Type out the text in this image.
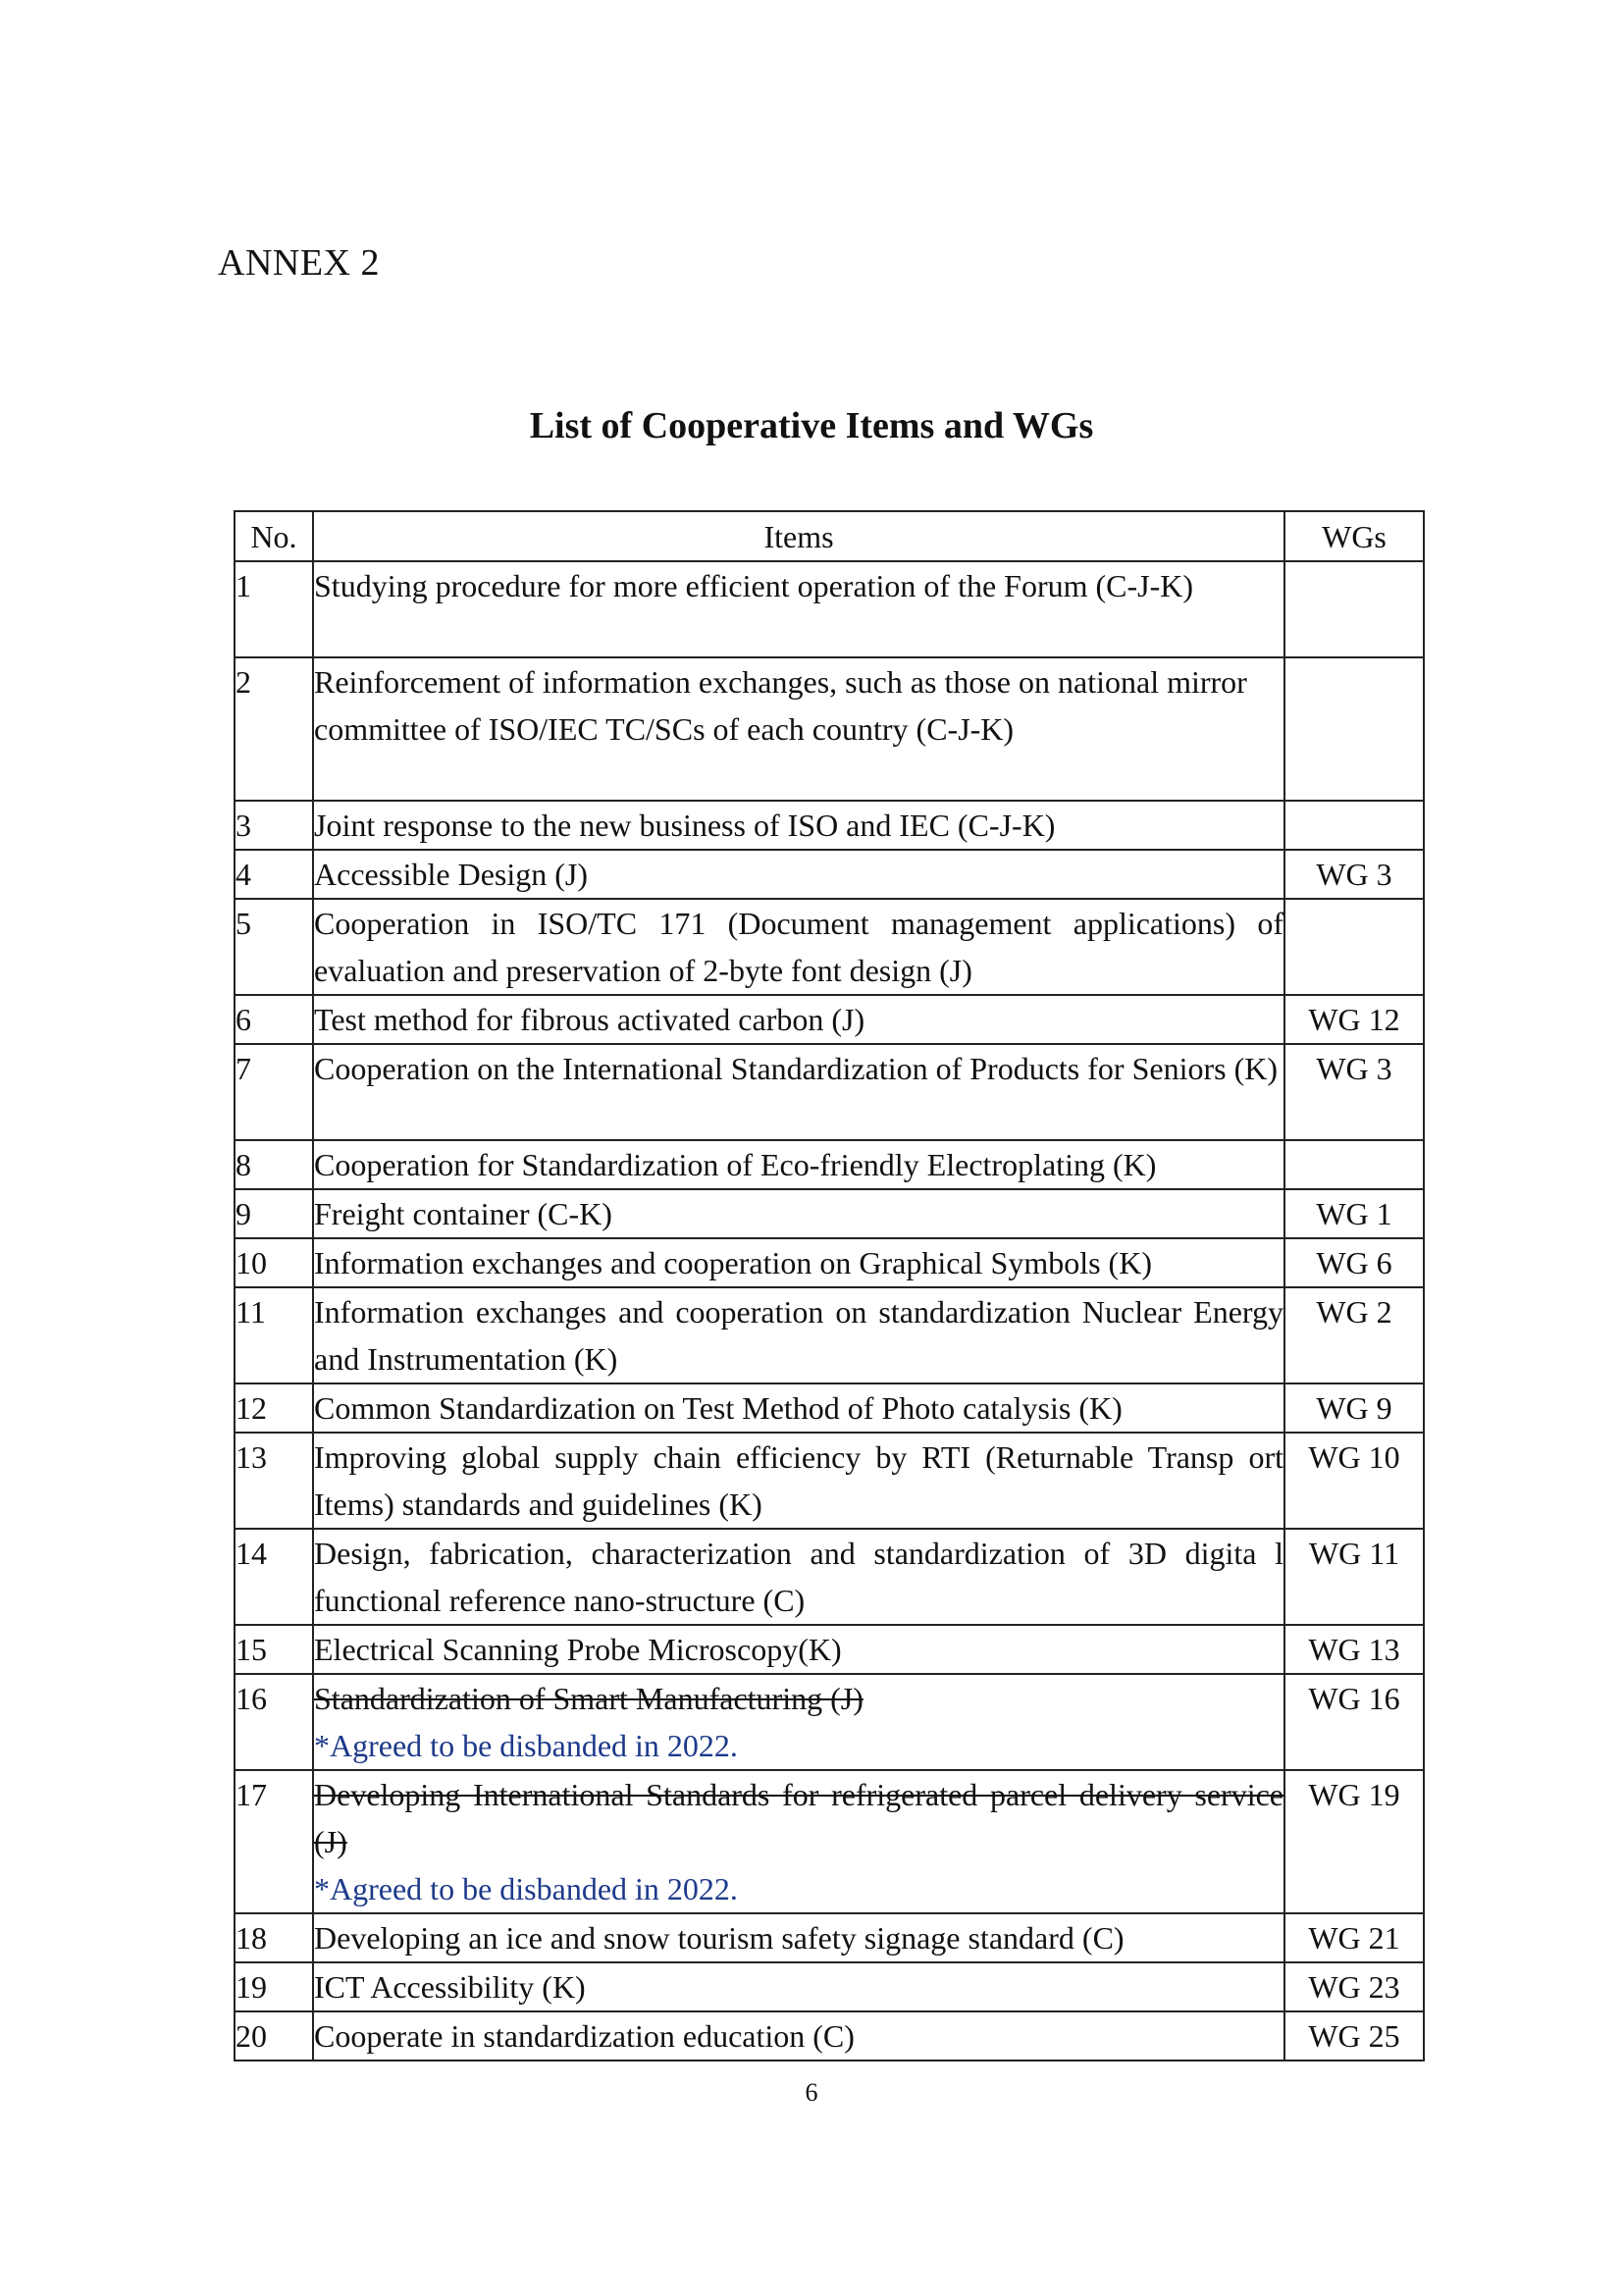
ANNEX 2
List of Cooperative Items and WGs
No.	Items	WGs
1	Studying procedure for more efficient operation of the Forum (C-J-K)	
2	Reinforcement of information exchanges, such as those on national mirror
committee of ISO/IEC TC/SCs of each country (C-J-K)	

3	Joint response to the new business of ISO and IEC (C-J-K)	
4	Accessible Design (J)	WG 3
5	Cooperation in ISO/TC 171 (Document management applications) of evaluation and preservation of 2-byte font design (J)	
6	Test method for fibrous activated carbon (J)	WG 12
7	Cooperation on the International Standardization of Products for Seniors (K)	WG 3
8	Cooperation for Standardization of Eco-friendly Electroplating (K)	
9	Freight container (C-K)	WG 1
10	Information exchanges and cooperation on Graphical Symbols (K)	WG 6
11	Information exchanges and cooperation on standardization Nuclear Energy and Instrumentation (K)	WG 2
12	Common Standardization on Test Method of Photo catalysis (K)	WG 9
13	Improving global supply chain efficiency by RTI (Returnable Transp ort Items) standards and guidelines (K)	WG 10
14	Design, fabrication, characterization and standardization of 3D digita l functional reference nano-structure (C)	WG 11
15	Electrical Scanning Probe Microscopy(K)	WG 13
16	Standardization of Smart Manufacturing (J)
*Agreed to be disbanded in 2022.	WG 16
17	Developing International Standards for refrigerated parcel delivery service (J)
*Agreed to be disbanded in 2022.	WG 19
18	Developing an ice and snow tourism safety signage standard (C)	WG 21
19	ICT Accessibility (K)	WG 23
20	Cooperate in standardization education (C)	WG 25
6
